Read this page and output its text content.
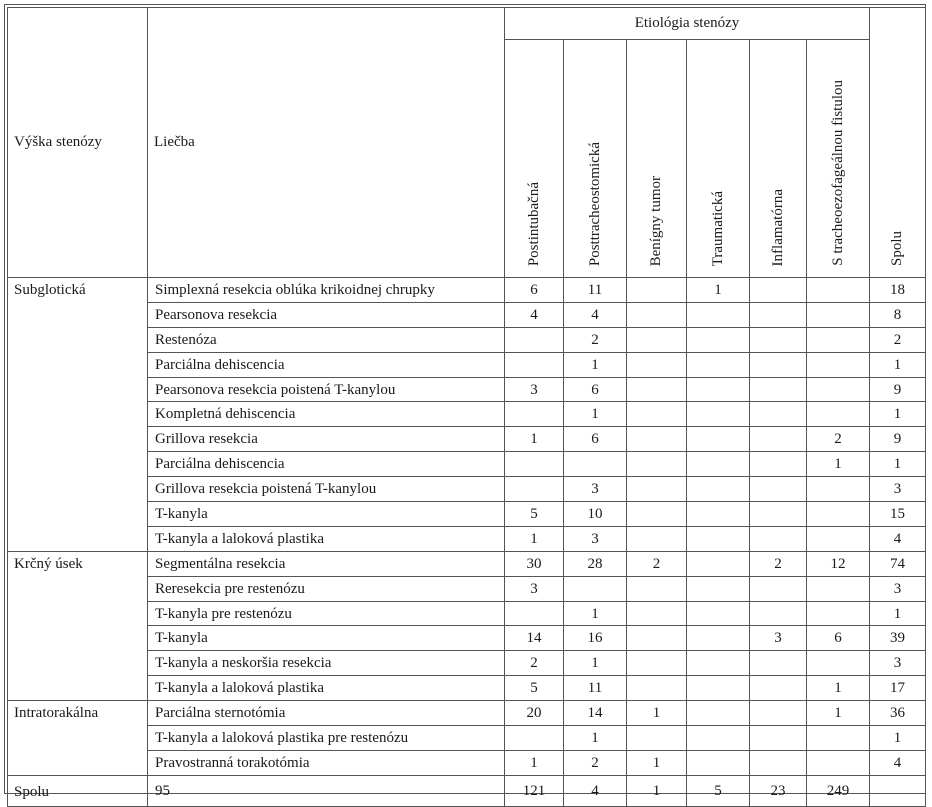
Výška stenózy	Liečba	Etiológia stenózy						Spolu
		Postintubačná	Posttracheostomická	Benígny tumor	Traumatická	Inflamatórna	S tracheoezofageálnou fistulou	
Subglotická	Simplexná resekcia oblúka krikoidnej chrupky	6	11		1			18
	Pearsonova resekcia	4	4					8
	Restenóza		2					2
	Parciálna dehiscencia		1					1
	Pearsonova resekcia poistená T-kanylou	3	6					9
	Kompletná dehiscencia		1					1
	Grillova resekcia	1	6				2	9
	Parciálna dehiscencia						1	1
	Grillova resekcia poistená T-kanylou		3					3
	T-kanyla	5	10					15
	T-kanyla a laloková plastika	1	3					4
Krčný úsek	Segmentálna resekcia	30	28	2		2	12	74
	Reresekcia pre restenózu	3						3
	T-kanyla pre restenózu		1					1
	T-kanyla	14	16			3	6	39
	T-kanyla a neskoršia resekcia	2	1					3
	T-kanyla a laloková plastika	5	11				1	17
Intratorakálna	Parciálna sternotómia	20	14	1			1	36
	T-kanyla a laloková plastika pre restenózu		1					1
	Pravostranná torakotómia	1	2	1				4
Spolu	95	121	4	1	5	23	249	
